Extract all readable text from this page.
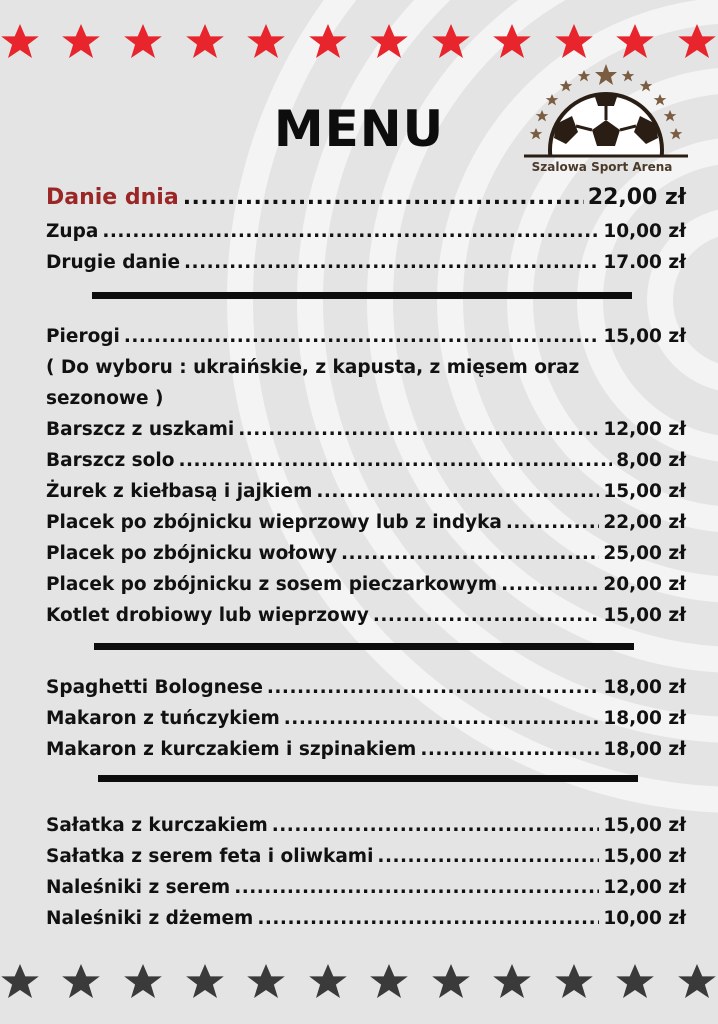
MENU
Szalowa Sport Arena
Danie dnia .....	22,00 zł
Zupa .....	10,00 zł
Drugie danie .....	17.00 zł
Pierogi .....	15,00 zł
( Do wyboru : ukraińskie, z kapusta, z mięsem oraz sezonowe )
Barszcz z uszkami .....	12,00 zł
Barszcz solo .....	8,00 zł
Żurek z kiełbasą i jajkiem .....	15,00 zł
Placek po zbójnicku wieprzowy lub z indyka .....	22,00 zł
Placek po zbójnicku wołowy .....	25,00 zł
Placek po zbójnicku z sosem pieczarkowym .....	20,00 zł
Kotlet drobiowy lub wieprzowy .....	15,00 zł
Spaghetti Bolognese .....	18,00 zł
Makaron z tuńczykiem .....	18,00 zł
Makaron z kurczakiem i szpinakiem .....	18,00 zł
Sałatka z kurczakiem .....	15,00 zł
Sałatka z serem feta i oliwkami .....	15,00 zł
Naleśniki z serem .....	12,00 zł
Naleśniki z dżemem .....	10,00 zł
